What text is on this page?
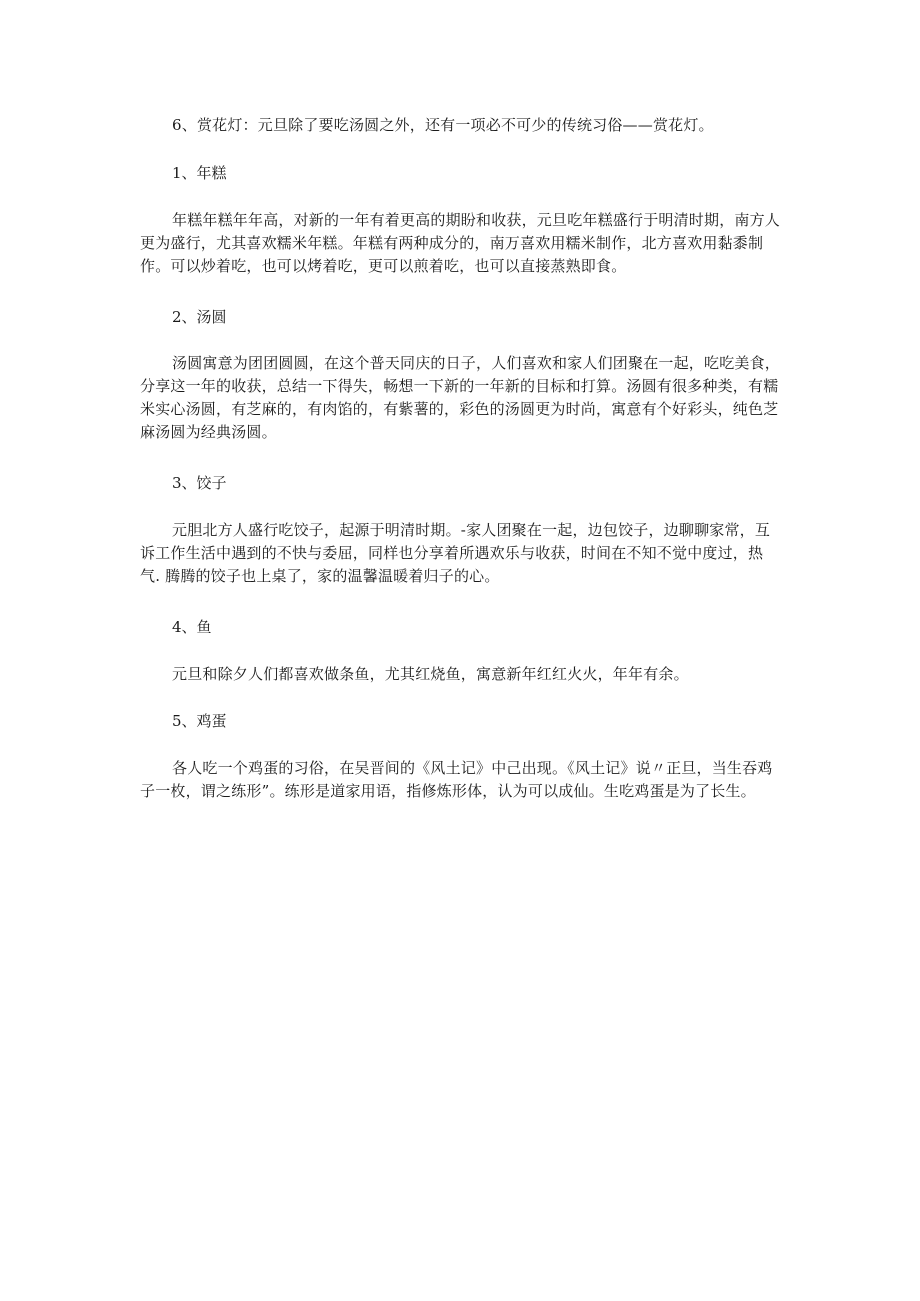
6、赏花灯：元旦除了要吃汤圆之外，还有一项必不可少的传统习俗——赏花灯。

1、年糕

年糕年糕年年高，对新的一年有着更高的期盼和收获，元旦吃年糕盛行于明清时期，南方人更为盛行，尤其喜欢糯米年糕。年糕有两种成分的，南万喜欢用糯米制作，北方喜欢用黏黍制作。可以炒着吃，也可以烤着吃，更可以煎着吃，也可以直接蒸熟即食。

2、汤圆

汤圆寓意为团团圆圆，在这个普天同庆的日子，人们喜欢和家人们团聚在一起，吃吃美食，分享这一年的收获，总结一下得失，畅想一下新的一年新的目标和打算。汤圆有很多种类，有糯米实心汤圆，有芝麻的，有肉馅的，有紫薯的，彩色的汤圆更为时尚，寓意有个好彩头，纯色芝麻汤圆为经典汤圆。

3、饺子

元胆北方人盛行吃饺子，起源于明清时期。-家人团聚在一起，边包饺子，边聊聊家常，互诉工作生活中遇到的不快与委屈，同样也分享着所遇欢乐与收获，时间在不知不觉中度过，热气. 腾腾的饺子也上桌了，家的温馨温暖着归子的心。

4、鱼

元旦和除夕人们都喜欢做条鱼，尤其红烧鱼，寓意新年红红火火，年年有余。

5、鸡蛋

各人吃一个鸡蛋的习俗，在吴晋间的《风土记》中己出现。《风土记》说〃正旦，当生吞鸡子一枚，谓之练形”。练形是道家用语，指修炼形体，认为可以成仙。生吃鸡蛋是为了长生。
